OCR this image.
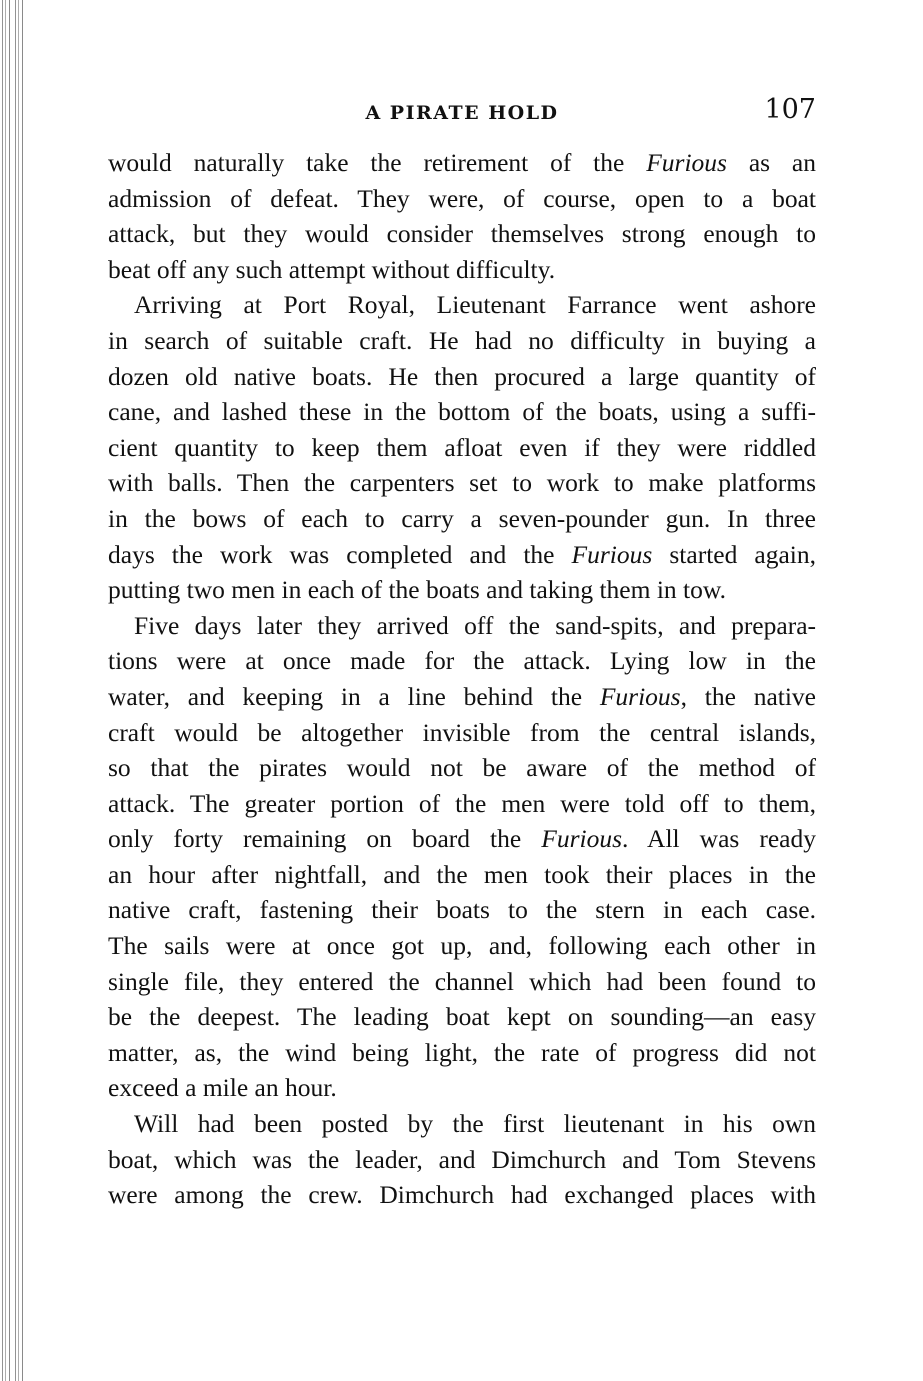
A PIRATE HOLD	107
would naturally take the retirement of the Furious as an
admission of defeat. They were, of course, open to a boat
attack, but they would consider themselves strong enough to
beat off any such attempt without difficulty.
Arriving at Port Royal, Lieutenant Farrance went ashore
in search of suitable craft. He had no difficulty in buying a
dozen old native boats. He then procured a large quantity of
cane, and lashed these in the bottom of the boats, using a suffi-
cient quantity to keep them afloat even if they were riddled
with balls. Then the carpenters set to work to make platforms
in the bows of each to carry a seven-pounder gun. In three
days the work was completed and the Furious started again,
putting two men in each of the boats and taking them in tow.
Five days later they arrived off the sand-spits, and prepara-
tions were at once made for the attack. Lying low in the
water, and keeping in a line behind the Furious, the native
craft would be altogether invisible from the central islands,
so that the pirates would not be aware of the method of
attack. The greater portion of the men were told off to them,
only forty remaining on board the Furious. All was ready
an hour after nightfall, and the men took their places in the
native craft, fastening their boats to the stern in each case.
The sails were at once got up, and, following each other in
single file, they entered the channel which had been found to
be the deepest. The leading boat kept on sounding—an easy
matter, as, the wind being light, the rate of progress did not
exceed a mile an hour.
Will had been posted by the first lieutenant in his own
boat, which was the leader, and Dimchurch and Tom Stevens
were among the crew. Dimchurch had exchanged places with
